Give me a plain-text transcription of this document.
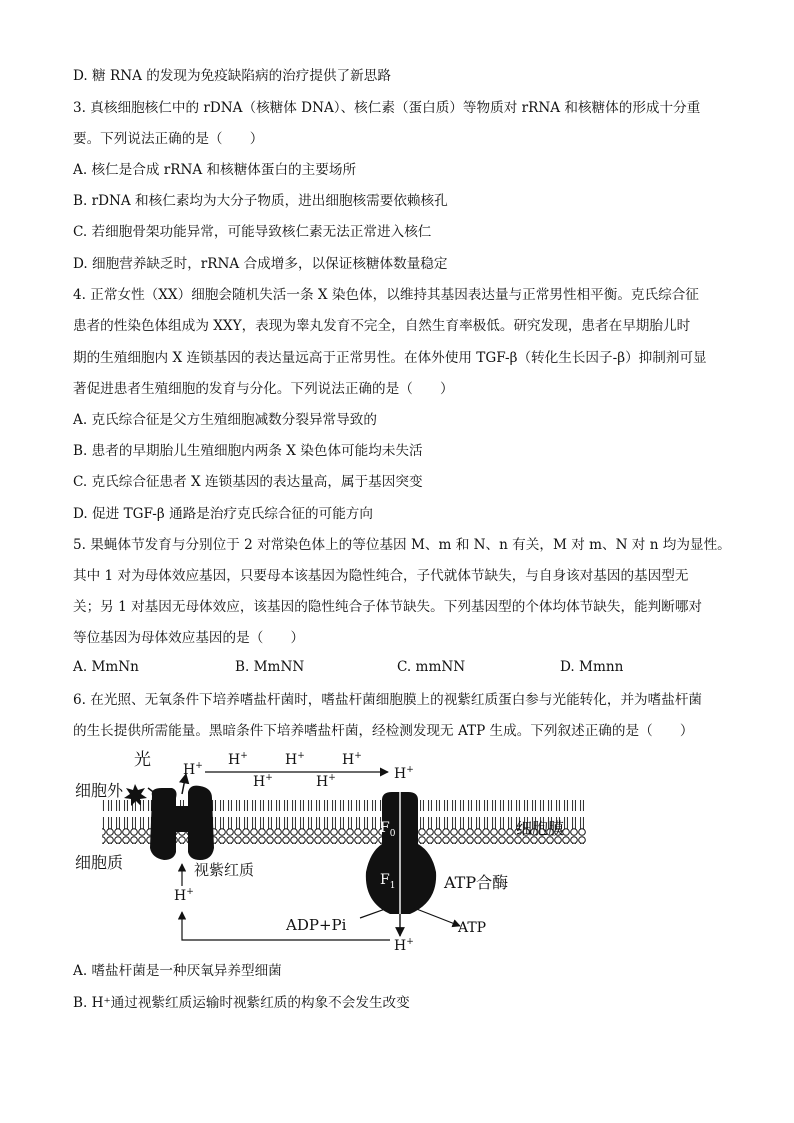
D. 糖 RNA 的发现为免疫缺陷病的治疗提供了新思路
3. 真核细胞核仁中的 rDNA（核糖体 DNA）、核仁素（蛋白质）等物质对 rRNA 和核糖体的形成十分重
要。下列说法正确的是（　　）
A. 核仁是合成 rRNA 和核糖体蛋白的主要场所
B. rDNA 和核仁素均为大分子物质，进出细胞核需要依赖核孔
C. 若细胞骨架功能异常，可能导致核仁素无法正常进入核仁
D. 细胞营养缺乏时，rRNA 合成增多，以保证核糖体数量稳定
4. 正常女性（XX）细胞会随机失活一条 X 染色体，以维持其基因表达量与正常男性相平衡。克氏综合征
患者的性染色体组成为 XXY，表现为睾丸发育不完全，自然生育率极低。研究发现，患者在早期胎儿时
期的生殖细胞内 X 连锁基因的表达量远高于正常男性。在体外使用 TGF-β（转化生长因子-β）抑制剂可显
著促进患者生殖细胞的发育与分化。下列说法正确的是（　　）
A. 克氏综合征是父方生殖细胞减数分裂异常导致的
B. 患者的早期胎儿生殖细胞内两条 X 染色体可能均未失活
C. 克氏综合征患者 X 连锁基因的表达量高，属于基因突变
D. 促进 TGF-β 通路是治疗克氏综合征的可能方向
5. 果蝇体节发育与分别位于 2 对常染色体上的等位基因 M、m 和 N、n 有关，M 对 m、N 对 n 均为显性。
其中 1 对为母体效应基因，只要母本该基因为隐性纯合，子代就体节缺失，与自身该对基因的基因型无
关；另 1 对基因无母体效应，该基因的隐性纯合子体节缺失。下列基因型的个体均体节缺失，能判断哪对
等位基因为母体效应基因的是（　　）
A. MmNn	B. MmNN	C. mmNN	D. Mmnn
6. 在光照、无氧条件下培养嗜盐杆菌时，嗜盐杆菌细胞膜上的视紫红质蛋白参与光能转化，并为嗜盐杆菌
的生长提供所需能量。黑暗条件下培养嗜盐杆菌，经检测发现无 ATP 生成。下列叙述正确的是（　　）
光
细胞外
细胞质	视紫红质
H+ H+	H+	H+
H+	H+	H+
H+
H+
$F_0$
$F_1$
细胞膜
ATP合酶
ADP+Pi	ATP
A. 嗜盐杆菌是一种厌氧异养型细菌
B. H⁺通过视紫红质运输时视紫红质的构象不会发生改变
